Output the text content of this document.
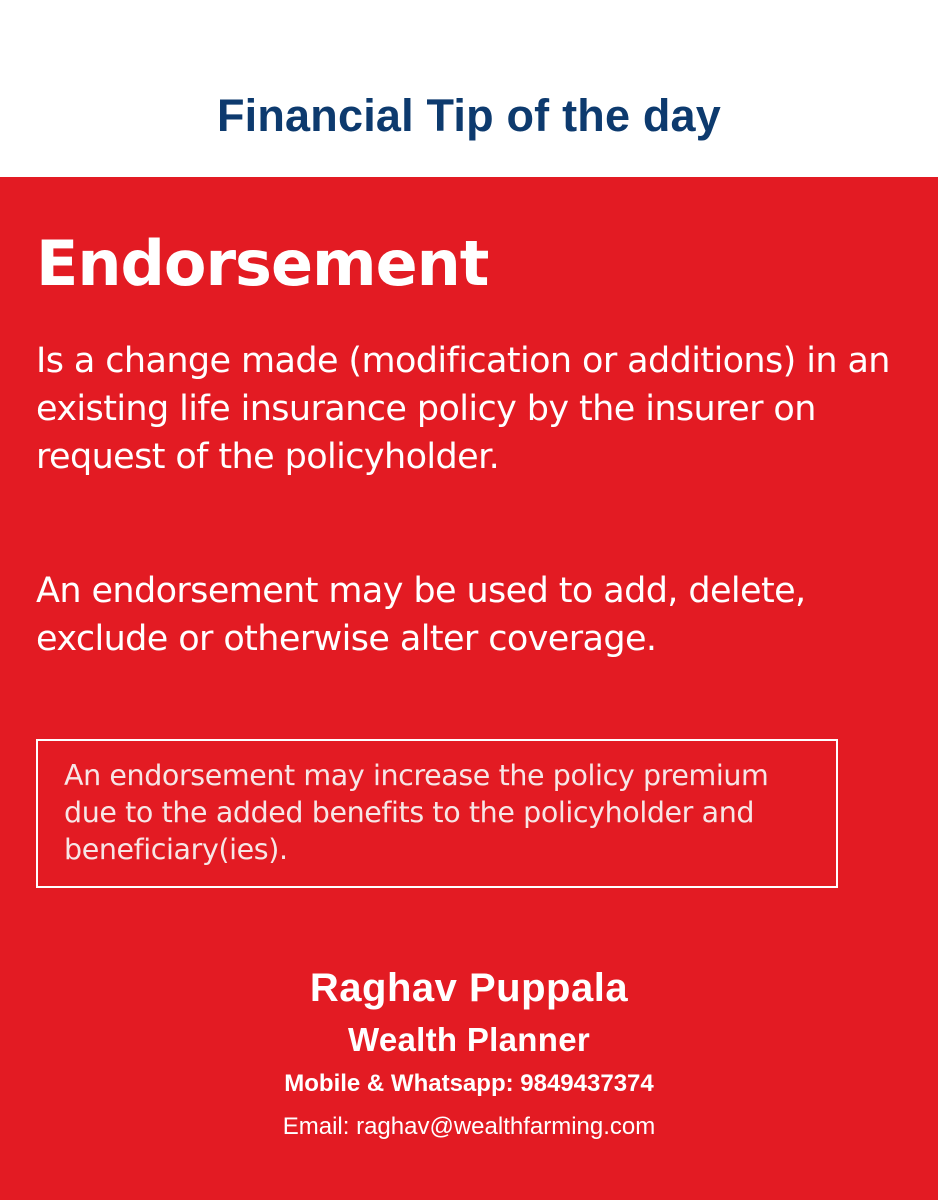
Financial Tip of the day
Endorsement

Is a change made (modification or additions) in an existing life insurance policy by the insurer on request of the policyholder.

An endorsement may be used to add, delete, exclude or otherwise alter coverage.

An endorsement may increase the policy premium due to the added benefits to the policyholder and beneficiary(ies).

Raghav Puppala

Wealth Planner

Mobile & Whatsapp: 9849437374

Email: raghav@wealthfarming.com
